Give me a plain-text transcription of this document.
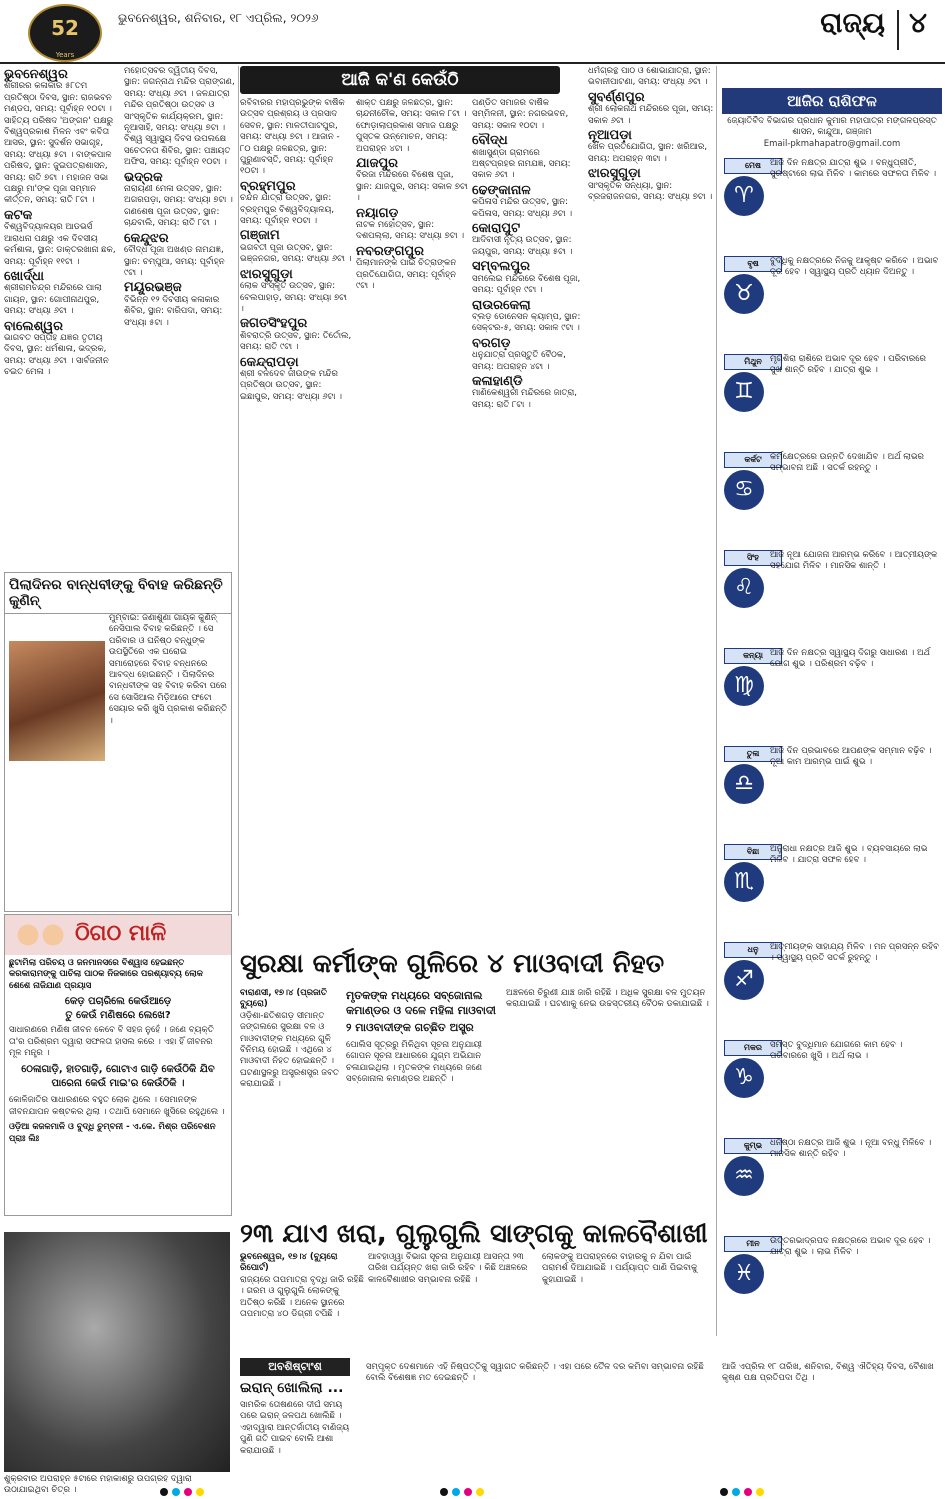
52
Years
ଭୁବନେଶ୍ୱର, ଶନିବାର, ୧୮ ଏପ୍ରିଲ, ୨୦୨୬	ରାଜ୍ୟ ୪
ଆଜି କ'ଣ କେଉଁଠି
ଭୁବନେଶ୍ୱର
ଶରୀରର କଳାକାର ୫୮ତମ ପ୍ରତିଷ୍ଠା ଦିବସ, ସ୍ଥାନ: ରାଜଭବନ ମଣ୍ଡପ, ସମୟ: ପୂର୍ବାହ୍ନ ୧୦ଟା । ସାହିତ୍ୟ ପରିଷଦ 'ଅଙ୍ଗନ' ପକ୍ଷରୁ ବିଶ୍ୱପ୍ରକାଶ ମିଳନ ଏବଂ କବିତା ଆସର, ସ୍ଥାନ: ସୁଦର୍ଶନ ସଭାଗୃହ, ସମୟ: ସଂଧ୍ୟା ୫ଟା । ବାଙ୍କପାଳ ପରିଷଦ, ସ୍ଥାନ: ଜୁଇପତ୍ରାଶାସନ, ସମୟ: ରାତି ୭ଟା । ମହାଜନ ସଭା ପକ୍ଷରୁ ମା'ଙ୍କ ପୂଜା ସମ୍ମାନ କୀର୍ତ୍ତନ, ସମୟ: ରାତି ୮ଟା ।
କଟକ
ବିଶ୍ୱବିଦ୍ୟାଳୟର ଆଡଭର୍ସ ଆରାଧନା ପକ୍ଷରୁ ଏକ ଦିବସୀୟ କର୍ମଶାଳା, ସ୍ଥାନ: ଡାକ୍ତରଖାନା ଛକ, ସମୟ: ପୂର୍ବାହ୍ନ ୧୧ଟା ।
ଖୋର୍ଦ୍ଧା
ଶ୍ରୀରାମଚନ୍ଦ୍ର ମନ୍ଦିରରେ ପାଲା ଗାୟନ, ସ୍ଥାନ: ଗୋପୀନାଥପୁର, ସମୟ: ସଂଧ୍ୟା ୬ଟା ।
ବାଲେଶ୍ୱର
ଭାଗବତ ସପ୍ତାହ ଯଜ୍ଞର ତୃତୀୟ ଦିବସ, ସ୍ଥାନ: ଧର୍ମଶାଳା, ଭଦ୍ରକ, ସମୟ: ସଂଧ୍ୟା ୬ଟା । ସାର୍ବଜନୀନ ଚଇତ ମେଳା ।
ମହୋତ୍ସବର ଦ୍ୱିତୀୟ ଦିବସ, ସ୍ଥାନ: ଜଗନ୍ନାଥ ମନ୍ଦିର ପ୍ରାଙ୍ଗଣ, ସମୟ: ସଂଧ୍ୟା ୬ଟା । ଜଳଯାତ୍ରା ମନ୍ଦିର ପ୍ରତିଷ୍ଠା ଉତ୍ସବ ଓ ସାଂସ୍କୃତିକ କାର୍ଯ୍ୟକ୍ରମ, ସ୍ଥାନ: ନୂଆସାହି, ସମୟ: ସଂଧ୍ୟା ୭ଟା । ବିଶ୍ୱ ସ୍ୱାସ୍ଥ୍ୟ ଦିବସ ଉପଲକ୍ଷେ ସଚେତନତା ଶିବିର, ସ୍ଥାନ: ପଞ୍ଚାୟତ ଅଫିସ, ସମୟ: ପୂର୍ବାହ୍ନ ୧୦ଟା ।
ଭଦ୍ରକ
ନାରାୟଣୀ ମେଳା ଉତ୍ସବ, ସ୍ଥାନ: ଅଗରପଡ଼ା, ସମୟ: ସଂଧ୍ୟା ୭ଟା । ଗଣଶେଷ ପୂଜା ଉତ୍ସବ, ସ୍ଥାନ: ଚାନ୍ଦବାଲି, ସମୟ: ରାତି ୮ଟା ।
କେନ୍ଦୁଝର
ବୌଦ୍ଧ ପୂଜା ଅଖଣ୍ଡ ନାମଯଜ୍ଞ, ସ୍ଥାନ: ଚମ୍ପୁଆ, ସମୟ: ପୂର୍ବାହ୍ନ ୯ଟା ।
ମୟୂରଭଞ୍ଜ
ବିଭିନ୍ନ ୧୨ ଦିବସୀୟ କଳାକାର ଶିବିର, ସ୍ଥାନ: ବାରିପଦା, ସମୟ: ସଂଧ୍ୟା ୫ଟା ।
ରବିବାରର ମହାପ୍ରଭୁଙ୍କ ବାର୍ଷିକ ଉତ୍ସବ ପ୍ରଶ୍ରୟ ଓ ପ୍ରସାଦ ସେବନ, ସ୍ଥାନ: ମାଳତୀପାଟପୁର, ସମୟ: ସଂଧ୍ୟା ୭ଟା । ଆଜାନ - ୮୦ ପକ୍ଷରୁ ଜଳଛତ୍ର, ସ୍ଥାନ: ପୁରୁଣାବସ୍ତି, ସମୟ: ପୂର୍ବାହ୍ନ ୧୦ଟା ।
ବ୍ରହ୍ମପୁର
ଚନ୍ଦନ ଯାତ୍ରା ଉତ୍ସବ, ସ୍ଥାନ: ବ୍ରହ୍ମପୁର ବିଶ୍ୱବିଦ୍ୟାଳୟ, ସମୟ: ପୂର୍ବାହ୍ନ ୧୦ଟା ।
ଗଞ୍ଜାମ
ଭଗବତୀ ପୂଜା ଉତ୍ସବ, ସ୍ଥାନ: ଭଞ୍ଜନଗର, ସମୟ: ସଂଧ୍ୟା ୬ଟା ।
ଝାରସୁଗୁଡ଼ା
ଲୋକ ସଂସ୍କୃତି ଉତ୍ସବ, ସ୍ଥାନ: ବେଲପାହାଡ଼, ସମୟ: ସଂଧ୍ୟା ୭ଟା ।
ଜଗତସିଂହପୁର
ଶିବରାତ୍ରି ଉତ୍ସବ, ସ୍ଥାନ: ତିର୍ତୋଲ, ସମୟ: ରାତି ୯ଟା ।
କେନ୍ଦ୍ରାପଡ଼ା
ଶ୍ରୀ ବଳଦେବ ଜୀଉଙ୍କ ମନ୍ଦିର ପ୍ରତିଷ୍ଠା ଉତ୍ସବ, ସ୍ଥାନ: ଇଛାପୁର, ସମୟ: ସଂଧ୍ୟା ୬ଟା ।
ଶାକ୍ତ ପକ୍ଷରୁ ଜଳଛତ୍ର, ସ୍ଥାନ: ଚାନ୍ଦନୀଚୌକ, ସମୟ: ସକାଳ ୮ଟା । ଫୋଡ଼ାଲାପ୍ରକାଶ ସମାଜ ପକ୍ଷରୁ ପୁସ୍ତକ ଉନ୍ମୋଚନ, ସମୟ: ଅପରାହ୍ନ ୪ଟା ।
ଯାଜପୁର
ବିରଜା ମନ୍ଦିରରେ ବିଶେଷ ପୂଜା, ସ୍ଥାନ: ଯାଜପୁର, ସମୟ: ସକାଳ ୭ଟା ।
ନୟାଗଡ଼
ନାଟକ ମହୋତ୍ସବ, ସ୍ଥାନ: ଦଶପଲ୍ଲା, ସମୟ: ସଂଧ୍ୟା ୭ଟା ।
ନବରଙ୍ଗପୁର
ପିଲାମାନଙ୍କ ପାଇଁ ଚିତ୍ରାଙ୍କନ ପ୍ରତିଯୋଗିତା, ସମୟ: ପୂର୍ବାହ୍ନ ୯ଟା ।
ପଣ୍ଡିତ ସମାଜର ବାର୍ଷିକ ସମ୍ମିଳନୀ, ସ୍ଥାନ: ନଗରଭବନ, ସମୟ: ସକାଳ ୧୦ଟା ।
ବୌଦ୍ଧ
ଶଖାସୁଣ୍ଡା ଗ୍ରାମରେ ଅଷ୍ଟପ୍ରହର ନାମଯଜ୍ଞ, ସମୟ: ସକାଳ ୬ଟା ।
ଢେଙ୍କାନାଳ
କପିଳାସ ମନ୍ଦିର ଉତ୍ସବ, ସ୍ଥାନ: କପିଳାସ, ସମୟ: ସଂଧ୍ୟା ୬ଟା ।
କୋରାପୁଟ
ଆଦିବାସୀ ନୃତ୍ୟ ଉତ୍ସବ, ସ୍ଥାନ: ଜୟପୁର, ସମୟ: ସଂଧ୍ୟା ୫ଟା ।
ସମ୍ବଲପୁର
ସମଲେଇ ମନ୍ଦିରରେ ବିଶେଷ ପୂଜା, ସମୟ: ପୂର୍ବାହ୍ନ ୯ଟା ।
ରାଉରକେଲା
ବ୍ଲଡ଼ ଡୋନେସନ କ୍ୟାମ୍ପ, ସ୍ଥାନ: ସେକ୍ଟର-୫, ସମୟ: ସକାଳ ୯ଟା ।
ବରଗଡ଼
ଧନୁଯାତ୍ରା ପ୍ରସ୍ତୁତି ବୈଠକ, ସମୟ: ଅପରାହ୍ନ ୪ଟା ।
କଳାହାଣ୍ଡି
ମାଣିକେଶ୍ୱରୀ ମନ୍ଦିରରେ ଜାତ୍ରା, ସମୟ: ରାତି ୮ଟା ।
ଧର୍ମଗ୍ରନ୍ଥ ପାଠ ଓ ଶୋଭାଯାତ୍ରା, ସ୍ଥାନ: ଭବାନୀପାଟଣା, ସମୟ: ସଂଧ୍ୟା ୬ଟା ।
ସୁବର୍ଣ୍ଣପୁର
ଶ୍ରୀ ଲୋକନାଥ ମନ୍ଦିରରେ ପୂଜା, ସମୟ: ସକାଳ ୬ଟା ।
ନୂଆପଡ଼ା
ଖେଳ ପ୍ରତିଯୋଗିତା, ସ୍ଥାନ: ଖରିଆର, ସମୟ: ଅପରାହ୍ନ ୩ଟା ।
ଝାରସୁଗୁଡ଼ା
ସାଂସ୍କୃତିକ ସନ୍ଧ୍ୟା, ସ୍ଥାନ: ବ୍ରଜରାଜନଗର, ସମୟ: ସଂଧ୍ୟା ୭ଟା ।
ଆଜିର ରାଶିଫଳ
ଜ୍ୟୋତିର୍ବିଦ ବିଭାଗର ପ୍ରଧାନ କୁମାର ମହାପାତ୍ର ମଙ୍ଗଳପ୍ରସ୍ତ ଶାସନ, କାନ୍ଦୁଆ, ଗଞ୍ଜାମ
Email-pkmahapatro@gmail.com
ମେଷ
♈
ଆଜି ଦିନ ନକ୍ଷତ୍ର ଯାତ୍ରା ଶୁଭ । ବନ୍ଧୁପ୍ରୀତି, ସୁରଷ୍ଟାରେ ଲାଭ ମିଳିବ । କାମରେ ସଫଳତା ମିଳିବ ।
ବୃଷ
♉
ବୁଦ୍ଧିକୁ ନକ୍ଷତ୍ରରେ ନିଜକୁ ଆକୃଷ୍ଟ କରିବେ । ଅଭାବ ଦୂର ହେବ । ସ୍ୱାସ୍ଥ୍ୟ ପ୍ରତି ଧ୍ୟାନ ଦିଅନ୍ତୁ ।
ମିଥୁନ
♊
ମୃଗଶିରା ରାଶିରେ ଅଭାବ ଦୂର ହେବ । ପରିବାରରେ ସୁଖ ଶାନ୍ତି ରହିବ । ଯାତ୍ରା ଶୁଭ ।
କର୍କଟ
♋
କର୍ମକ୍ଷେତ୍ରରେ ଉନ୍ନତି ଦେଖାଯିବ । ଅର୍ଥ ଲାଭର ସମ୍ଭାବନା ଅଛି । ସତର୍କ ରହନ୍ତୁ ।
ସିଂହ
♌
ଆଜି ନୂଆ ଯୋଜନା ଆରମ୍ଭ କରିବେ । ଆତ୍ମୀୟଙ୍କ ସହଯୋଗ ମିଳିବ । ମାନସିକ ଶାନ୍ତି ।
କନ୍ୟା
♍
ଆଜି ଦିନ ନକ୍ଷତ୍ର ସ୍ୱାସ୍ଥ୍ୟ ଦିଗରୁ ସାଧାରଣ । ଅର୍ଥ ଯୋଗ ଶୁଭ । ପରିଶ୍ରମ ବଢ଼ିବ ।
ତୁଳା
♎
ଆଜି ଦିନ ପ୍ରଭାବରେ ଆପଣଙ୍କ ସମ୍ମାନ ବଢ଼ିବ । ନୂଆ କାମ ଆରମ୍ଭ ପାଇଁ ଶୁଭ ।
ବିଛା
♏
ଅନୁରାଧା ନକ୍ଷତ୍ର ଆଜି ଶୁଭ । ବ୍ୟବସାୟରେ ଲାଭ ମିଳିବ । ଯାତ୍ରା ସଫଳ ହେବ ।
ଧନୁ
♐
ଆତ୍ମୀୟଙ୍କ ସାହାଯ୍ୟ ମିଳିବ । ମନ ପ୍ରସନ୍ନ ରହିବ । ସ୍ୱାସ୍ଥ୍ୟ ପ୍ରତି ସତର୍କ ରୁହନ୍ତୁ ।
ମକର
♑
ସମସ୍ତ ବୁଦ୍ଧିମାନ ଯୋଗରେ କାମ ହେବ । ପରିବାରରେ ଖୁସି । ଅର୍ଥ ଲାଭ ।
କୁମ୍ଭ
♒
ଧନିଷ୍ଠା ନକ୍ଷତ୍ର ଆଜି ଶୁଭ । ନୂଆ ବନ୍ଧୁ ମିଳିବେ । ମାନସିକ ଶାନ୍ତି ରହିବ ।
ମୀନ
♓
ଉତ୍ତରଭାଦ୍ରପଦ ନକ୍ଷତ୍ରରେ ଅଭାବ ଦୂର ହେବ । ଯାତ୍ରା ଶୁଭ । ଲାଭ ମିଳିବ ।
ଆଜି ଏପ୍ରିଲ ୧୮ ତାରିଖ, ଶନିବାର, ବିଶ୍ୱ ଐତିହ୍ୟ ଦିବସ, ବୈଶାଖ କୃଷ୍ଣ ପକ୍ଷ ପ୍ରତିପଦା ତିଥି ।
ପିଲାଦିନର ବାନ୍ଧବୀଙ୍କୁ ବିବାହ କରିଛନ୍ତି କୁଣିନ୍
ମୁମ୍ବାଇ: ଜଣାଶୁଣା ଗାୟକ କୁଣିନ୍ ନେସିପାଲ ବିବାହ କରିଛନ୍ତି । ସେ ପରିବାର ଓ ଘନିଷ୍ଠ ବନ୍ଧୁଙ୍କ ଉପସ୍ଥିତିରେ ଏକ ଘରୋଇ ସମାରୋହରେ ବିବାହ ବନ୍ଧନରେ ଆବଦ୍ଧ ହୋଇଛନ୍ତି । ପିଲାଦିନର ବାନ୍ଧବୀଙ୍କ ସହ ବିବାହ କରିବା ପରେ ସେ ସୋସିଆଲ ମିଡ଼ିଆରେ ଫଟୋ ସେୟାର କରି ଖୁସି ପ୍ରକାଶ କରିଛନ୍ତି ।
ଠିଗଠ ମାଳି
ଛୁଟାମିଲା ପରିଚୟ ଓ ଜନମାନସରେ ବିଶ୍ୱାସ ହେଇଛନ୍ତ କରକାରାମଙ୍କୁ ପାଚିଲା ପାଠକ ନିଜକାରେ ପରଶ୍ୟାବ୍ୟ ଲୋକ ଶେଶେ ନାଜିଯାଣ ପ୍ରୟାସ
କେଡ଼ ପଚାରିଲେ କେଉଁଆଡ଼େ
ତୁ କେଉଁ ମଣିଷରେ ଲେଖେ?
ସାଧାରଣରେ ମଣିଷ ଜୀବନ କେବେ ବି ସହଜ ନୁହେଁ । ଜଣେ ବ୍ୟକ୍ତି ତା'ର ପରିଶ୍ରମ ଦ୍ୱାରା ସଫଳତା ହାସଲ କରେ । ଏହା ହିଁ ଜୀବନର ମୂଳ ମନ୍ତ୍ର ।
ଠେଳାଗାଡ଼ି, ହାତଗାଡ଼ି, ଗୋଟାଏ ଗାଡ଼ି କେଉଁଠିକି ଯିବ ପାରେନା କେଉଁ ମାଇ'ର କେଉଁଠିକି ।
କୋଳିଜାତିର ସାଧାରଣରେ ବହୁତ ଲୋକ ଥିଲେ । ସେମାନଙ୍କ ଜୀବନଯାପନ କଷ୍ଟକର ଥିଲା । ତଥାପି ସେମାନେ ଖୁସିରେ ରହୁଥିଲେ ।
ଓଡ଼ିଆ କଜଳମାଳି ଓ ବୁଦ୍ଧି ଚୁମ୍ବନୀ - ଏ.କେ. ମିଶ୍ର ପରିବେଶନ ପ୍ରାଃ ଲିଃ
ଶୁକ୍ରବାର ଅପରାହ୍ନ ୫ଟାରେ ମହାକାଶରୁ ଉପଗ୍ରହ ଦ୍ୱାରା ଉଠାଯାଇଥିବା ଚିତ୍ର ।
ସୁରକ୍ଷା କର୍ମୀଙ୍କ ଗୁଳିରେ ୪ ମାଓବାଦୀ ନିହତ
ବାରାଣସୀ, ୧୭।୪ (ପ୍ରଜାତି ବ୍ୟୁରୋ)
ଓଡ଼ିଶା-ଛତିଶଗଡ଼ ସୀମାନ୍ତ ଜଙ୍ଗଲରେ ସୁରକ୍ଷା ବଳ ଓ ମାଓବାଦୀଙ୍କ ମଧ୍ୟରେ ଗୁଳି ବିନିମୟ ହୋଇଛି । ଏଥିରେ ୪ ମାଓବାଦୀ ନିହତ ହୋଇଛନ୍ତି । ଘଟଣାସ୍ଥଳରୁ ଅସ୍ତ୍ରଶସ୍ତ୍ର ଜବତ କରାଯାଇଛି ।
ମୃତକଙ୍କ ମଧ୍ୟରେ ସବ୍‌ଜୋନାଲ କମାଣ୍ଡର ଓ ଦଳେ ମହିଳା ମାଓବାଦୀ
୨ ମାଓବାଦୀଙ୍କ ଗଚ୍ଛିତ ଅସ୍ତ୍ର
ପୋଲିସ ସୂତ୍ରରୁ ମିଳିଥିବା ସୂଚନା ଅନୁଯାୟୀ ଗୋପନ ସୂଚନା ଆଧାରରେ ଯୁଗ୍ମ ଅଭିଯାନ ଚଳାଯାଇଥିଲା । ମୃତକଙ୍କ ମଧ୍ୟରେ ଜଣେ ସବ୍‌ଜୋନାଲ କମାଣ୍ଡର ଅଛନ୍ତି ।
ଅଞ୍ଚଳରେ ଚିରୁଣୀ ଯାଞ୍ଚ ଜାରି ରହିଛି । ଅଧିକ ସୁରକ୍ଷା ବଳ ମୁତୟନ କରାଯାଇଛି । ଘଟଣାକୁ ନେଇ ଉଚ୍ଚସ୍ତରୀୟ ବୈଠକ ଡକାଯାଇଛି ।
୨୩ ଯାଏ ଖରା, ଗୁଲୁଗୁଲି ସାଙ୍ଗକୁ କାଳବୈଶାଖୀ
ଭୁବନେଶ୍ୱର, ୧୭।୪ (ବ୍ୟୁରୋ ରିପୋର୍ଟ)
ରାଜ୍ୟରେ ତାପମାତ୍ରା ବୃଦ୍ଧି ଜାରି ରହିଛି । ଗରମ ଓ ଗୁଲୁଗୁଲି ଲୋକଙ୍କୁ ଅତିଷ୍ଠ କରିଛି । ଅନେକ ସ୍ଥାନରେ ତାପମାତ୍ରା ୪୦ ଡିଗ୍ରୀ ଟପିଛି ।
ଆବହାଓ୍ୱା ବିଭାଗ ସୂଚନା ଅନୁଯାୟୀ ଆସନ୍ତା ୨୩ ତାରିଖ ପର୍ଯ୍ୟନ୍ତ ଖରା ଜାରି ରହିବ । କିଛି ଅଞ୍ଚଳରେ କାଳବୈଶାଖୀର ସମ୍ଭାବନା ରହିଛି ।
ଲୋକଙ୍କୁ ଅପରାହ୍ନରେ ବାହାରକୁ ନ ଯିବା ପାଇଁ ପରାମର୍ଶ ଦିଆଯାଇଛି । ପର୍ଯ୍ୟାପ୍ତ ପାଣି ପିଇବାକୁ କୁହାଯାଇଛି ।
ଅବଶିଷ୍ଟାଂଶ
ଇରାନ୍ ଖୋଲିଲା ...
ସାମରିକ ତୋଷଣରେ ଦୀର୍ଘ ସମୟ ପରେ ଇରାନ୍ ଜଳପଥ ଖୋଲିଛି । ଏହାଦ୍ୱାରା ଆନ୍ତର୍ଜାତୀୟ ବାଣିଜ୍ୟ ପୁଣି ଗତି ପାଇବ ବୋଲି ଆଶା କରାଯାଉଛି ।
ସମ୍ପୃକ୍ତ ଦେଶମାନେ ଏହି ନିଷ୍ପତ୍ତିକୁ ସ୍ୱାଗତ କରିଛନ୍ତି । ଏହା ପରେ ତୈଳ ଦର କମିବା ସମ୍ଭାବନା ରହିଛି ବୋଲି ବିଶେଷଜ୍ଞ ମତ ଦେଇଛନ୍ତି ।
